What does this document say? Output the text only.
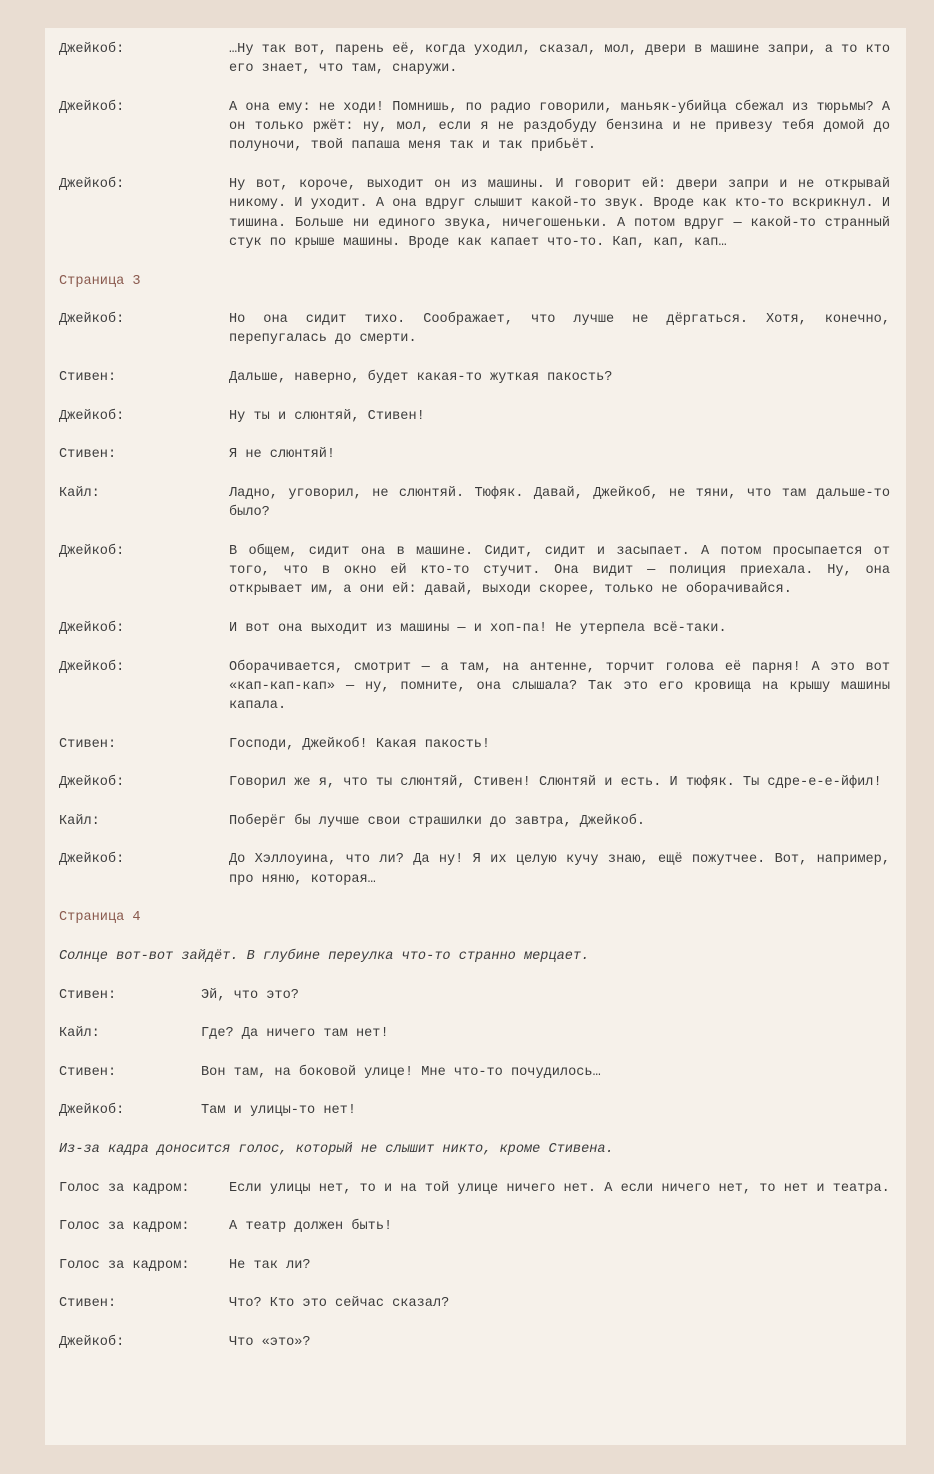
Джейкоб:	…Ну так вот, парень её, когда уходил, сказал, мол, двери в машине запри, а то кто его знает, что там, снаружи.
Джейкоб:	А она ему: не ходи! Помнишь, по радио говорили, маньяк-убийца сбежал из тюрьмы? А он только ржёт: ну, мол, если я не раздобуду бензина и не привезу тебя домой до полуночи, твой папаша меня так и так прибьёт.
Джейкоб:	Ну вот, короче, выходит он из машины. И говорит ей: двери запри и не открывай никому. И уходит. А она вдруг слышит какой-то звук. Вроде как кто-то вскрикнул. И тишина. Больше ни единого звука, ничегошеньки. А потом вдруг — какой-то странный стук по крыше машины. Вроде как капает что-то. Кап, кап, кап…
Страница 3
Джейкоб:	Но она сидит тихо. Соображает, что лучше не дёргаться. Хотя, конечно, перепугалась до смерти.
Стивен:	Дальше, наверно, будет какая-то жуткая пакость?
Джейкоб:	Ну ты и слюнтяй, Стивен!
Стивен:	Я не слюнтяй!
Кайл:	Ладно, уговорил, не слюнтяй. Тюфяк. Давай, Джейкоб, не тяни, что там дальше-то было?
Джейкоб:	В общем, сидит она в машине. Сидит, сидит и засыпает. А потом просыпается от того, что в окно ей кто-то стучит. Она видит — полиция приехала. Ну, она открывает им, а они ей: давай, выходи скорее, только не оборачивайся.
Джейкоб:	И вот она выходит из машины — и хоп-па! Не утерпела всё-таки.
Джейкоб:	Оборачивается, смотрит — а там, на антенне, торчит голова её парня! А это вот «кап-кап-кап» — ну, помните, она слышала? Так это его кровища на крышу машины капала.
Стивен:	Господи, Джейкоб! Какая пакость!
Джейкоб:	Говорил же я, что ты слюнтяй, Стивен! Слюнтяй и есть. И тюфяк. Ты сдре-е-е-йфил!
Кайл:	Поберёг бы лучше свои страшилки до завтра, Джейкоб.
Джейкоб:	До Хэллоуина, что ли? Да ну! Я их целую кучу знаю, ещё пожутчее. Вот, например, про няню, которая…
Страница 4
Солнце вот-вот зайдёт. В глубине переулка что-то странно мерцает.
Стивен:	Эй, что это?
Кайл:	Где? Да ничего там нет!
Стивен:	Вон там, на боковой улице! Мне что-то почудилось…
Джейкоб:	Там и улицы-то нет!
Из-за кадра доносится голос, который не слышит никто, кроме Стивена.
Голос за кадром:	Если улицы нет, то и на той улице ничего нет. А если ничего нет, то нет и театра.
Голос за кадром:	А театр должен быть!
Голос за кадром:	Не так ли?
Стивен:	Что? Кто это сейчас сказал?
Джейкоб:	Что «это»?
